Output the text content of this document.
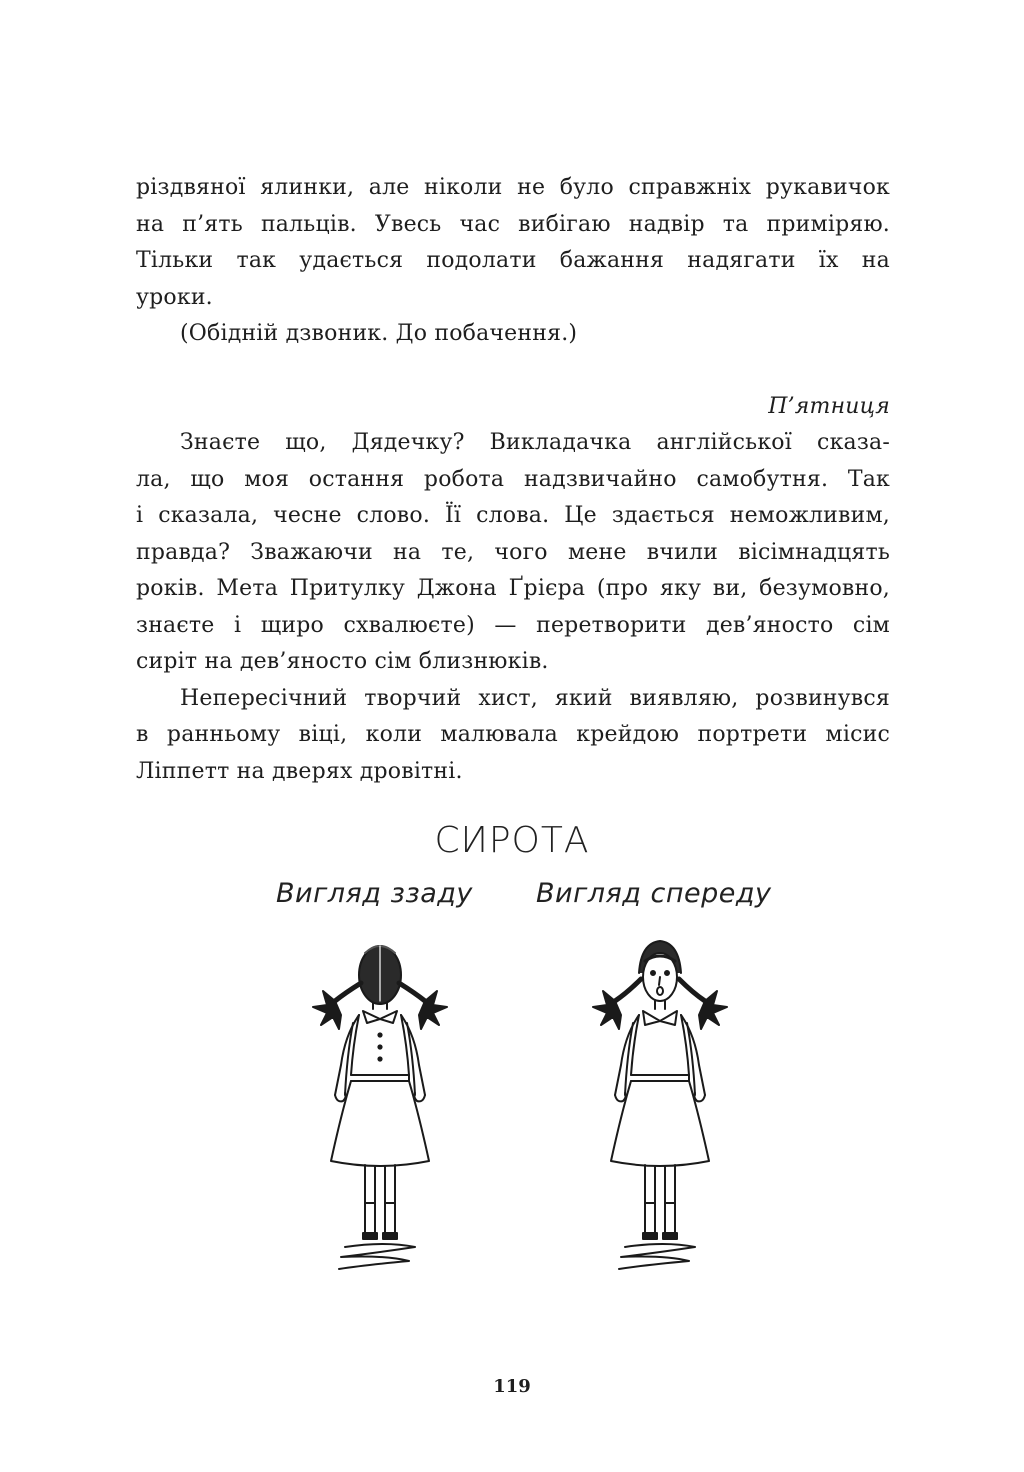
різдвяної ялинки, але ніколи не було справжніх рукавичок
на п’ять пальців. Увесь час вибігаю надвір та приміряю.
Тільки так удається подолати бажання надягати їх на
уроки.
(Обідній дзвоник. До побачення.)
П’ятниця
Знаєте що, Дядечку? Викладачка англійської сказа-
ла, що моя остання робота надзвичайно самобутня. Так
і сказала, чесне слово. Її слова. Це здається неможливим,
правда? Зважаючи на те, чого мене вчили вісімнадцять
років. Мета Притулку Джона Ґрієра (про яку ви, безумовно,
знаєте і щиро схвалюєте) — перетворити дев’яносто сім
сиріт на дев’яносто сім близнюків.
Непересічний творчий хист, який виявляю, розвинувся
в ранньому віці, коли малювала крейдою портрети місис
Ліппетт на дверях дровітні.
СИРОТА
Вигляд ззаду Вигляд спереду
119
